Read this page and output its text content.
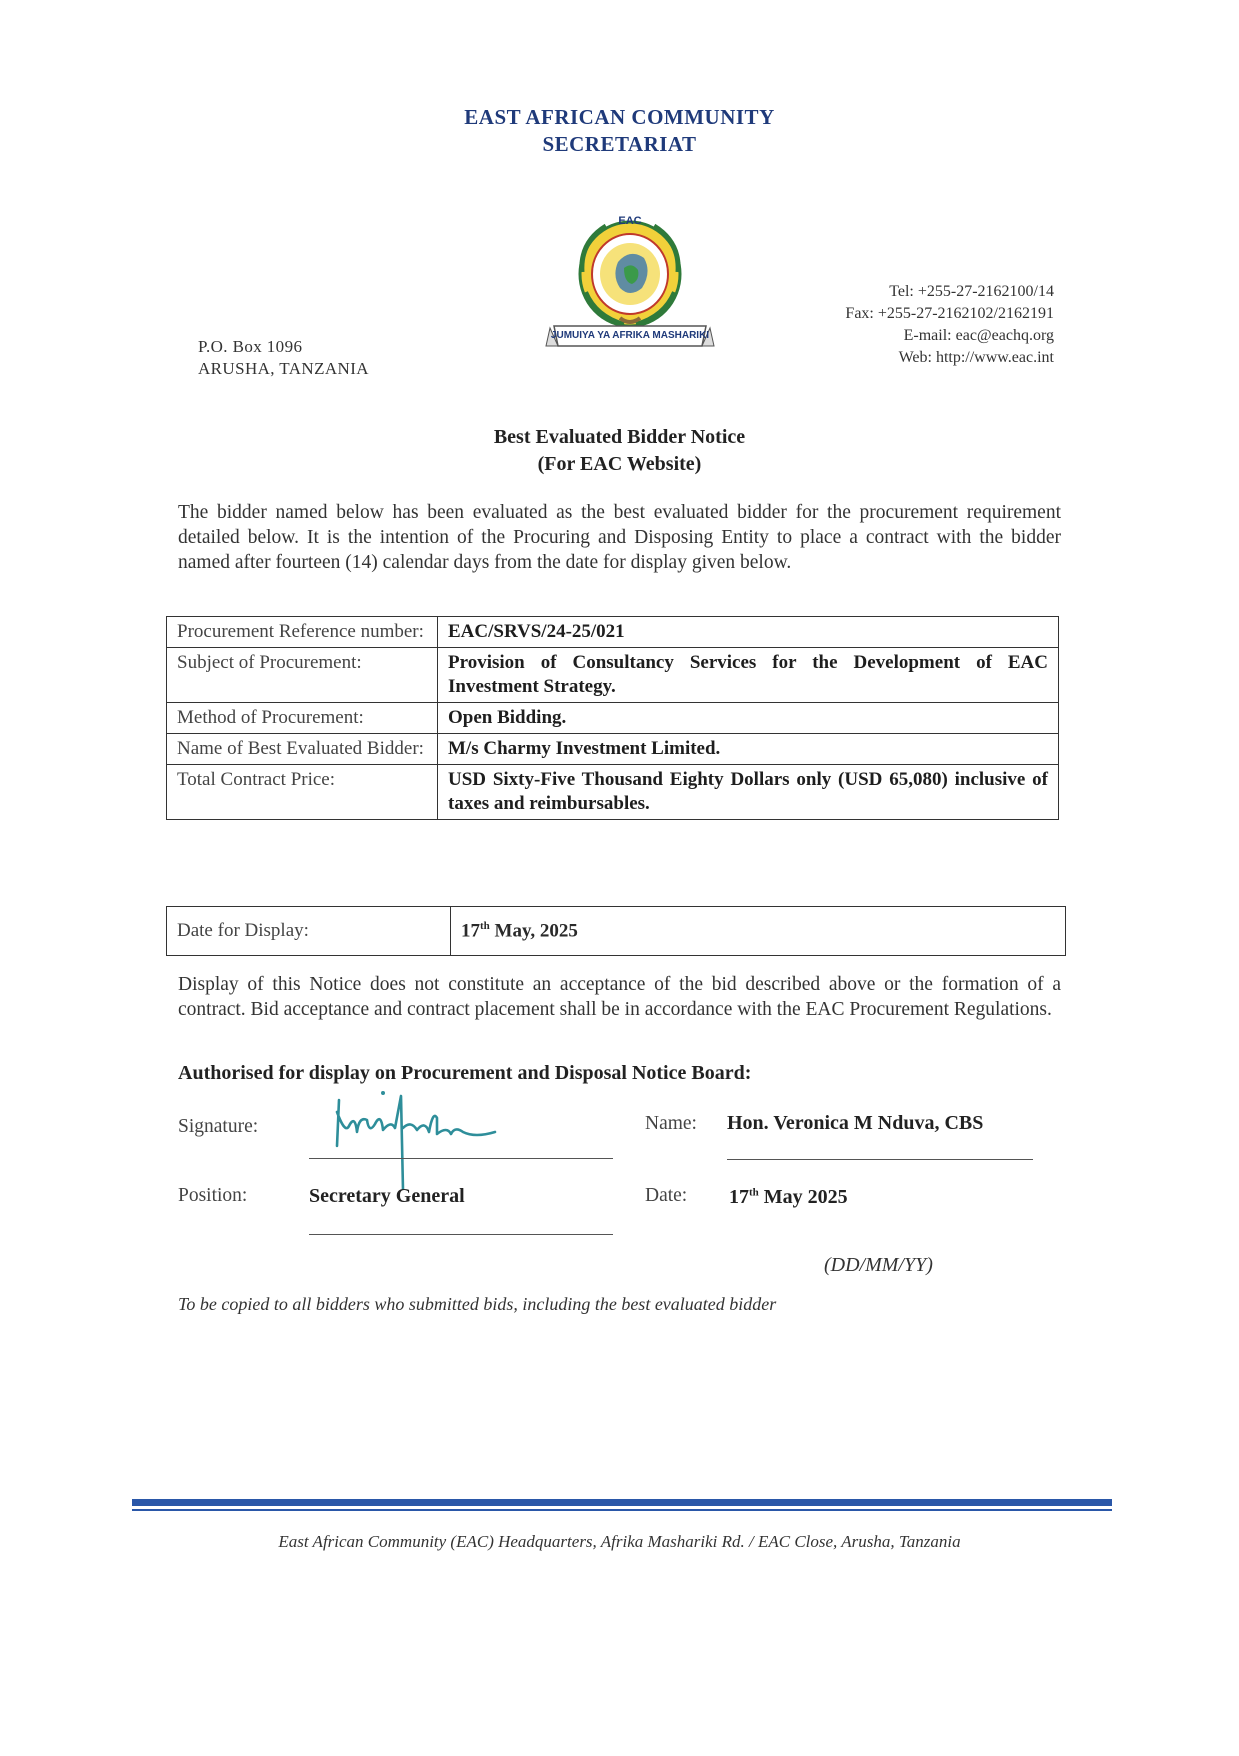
EAST AFRICAN COMMUNITY
SECRETARIAT
EAC
JUMUIYA YA AFRIKA MASHARIKI
P.O. Box 1096
ARUSHA, TANZANIA
Tel: +255-27-2162100/14
Fax: +255-27-2162102/2162191
E-mail: eac@eachq.org
Web: http://www.eac.int
Best Evaluated Bidder Notice
(For EAC Website)
The bidder named below has been evaluated as the best evaluated bidder for the procurement requirement detailed below. It is the intention of the Procuring and Disposing Entity to place a contract with the bidder named after fourteen (14) calendar days from the date for display given below.
Procurement Reference number:	EAC/SRVS/24-25/021
Subject of Procurement:	Provision of Consultancy Services for the Development of EAC Investment Strategy.
Method of Procurement:	Open Bidding.
Name of Best Evaluated Bidder:	M/s Charmy Investment Limited.
Total Contract Price:	USD Sixty-Five Thousand Eighty Dollars only (USD 65,080) inclusive of taxes and reimbursables.
Date for Display:	17th May, 2025
Display of this Notice does not constitute an acceptance of the bid described above or the formation of a contract. Bid acceptance and contract placement shall be in accordance with the EAC Procurement Regulations.
Authorised for display on Procurement and Disposal Notice Board:
Signature:	Name: Hon. Veronica M Nduva, CBS
Position:	Secretary General	Date: 17th May 2025
(DD/MM/YY)
To be copied to all bidders who submitted bids, including the best evaluated bidder
East African Community (EAC) Headquarters, Afrika Mashariki Rd. / EAC Close, Arusha, Tanzania
